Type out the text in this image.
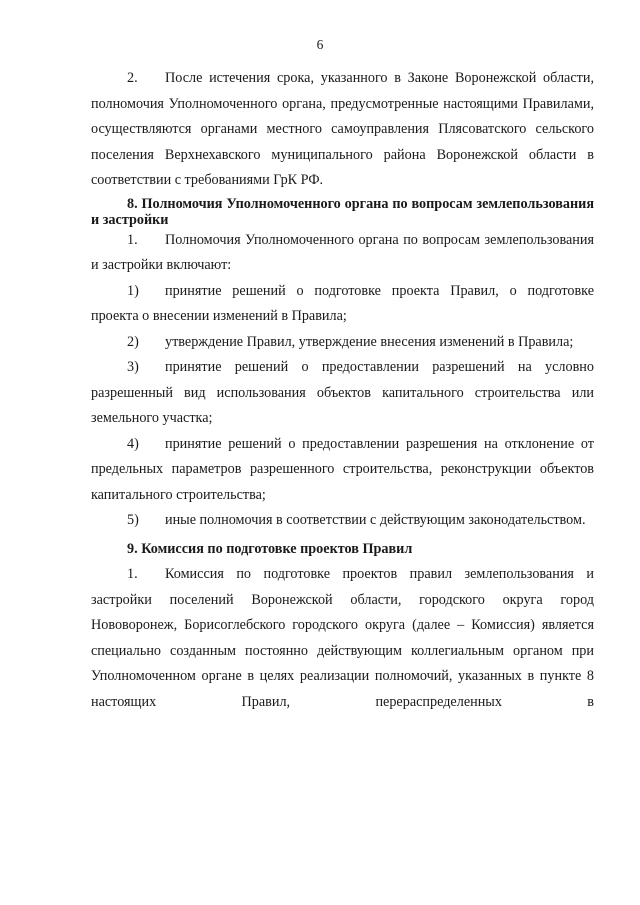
6

2. После истечения срока, указанного в Законе Воронежской области, полномочия Уполномоченного органа, предусмотренные настоящими Правилами, осуществляются органами местного самоуправления Плясоватского сельского поселения Верхнехавского муниципального района Воронежской области в соответствии с требованиями ГрК РФ.

8. Полномочия Уполномоченного органа по вопросам землепользования и застройки

1. Полномочия Уполномоченного органа по вопросам землепользования и застройки включают:

1) принятие решений о подготовке проекта Правил, о подготовке проекта о внесении изменений в Правила;

2) утверждение Правил, утверждение внесения изменений в Правила;

3) принятие решений о предоставлении разрешений на условно разрешенный вид использования объектов капитального строительства или земельного участка;

4) принятие решений о предоставлении разрешения на отклонение от предельных параметров разрешенного строительства, реконструкции объектов капитального строительства;

5) иные полномочия в соответствии с действующим законодательством.

9. Комиссия по подготовке проектов Правил

1. Комиссия по подготовке проектов правил землепользования и застройки поселений Воронежской области, городского округа город Нововоронеж, Борисоглебского городского округа (далее – Комиссия) является специально созданным постоянно действующим коллегиальным органом при Уполномоченном органе в целях реализации полномочий, указанных в пункте 8 настоящих Правил, перераспределенных в
